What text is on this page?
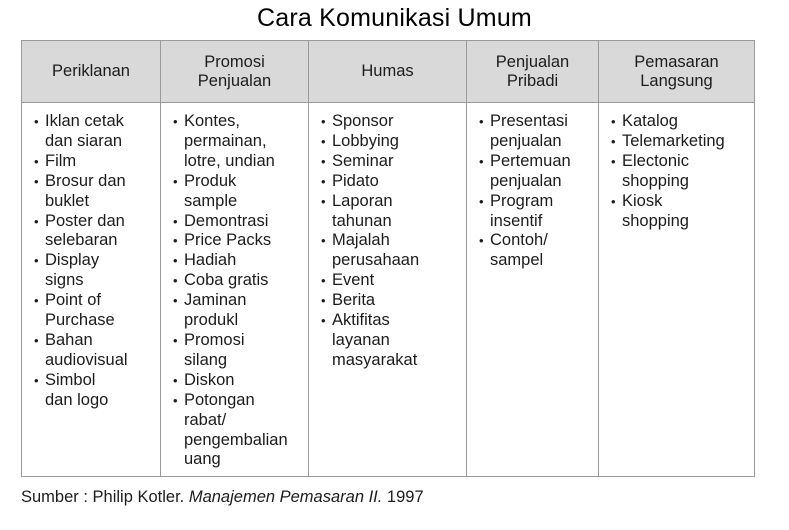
Cara Komunikasi Umum
Periklanan
• Iklan cetak
dan siaran
• Film
• Brosur dan
buklet
• Poster dan
selebaran
• Display
signs
• Point of
Purchase
• Bahan
audiovisual
• Simbol
dan logo
Promosi
Penjualan
• Kontes,
permainan,
lotre, undian
• Produk
sample
• Demontrasi
• Price Packs
• Hadiah
• Coba gratis
• Jaminan
produkl
• Promosi
silang
• Diskon
• Potongan
rabat/
pengembalian
uang
Humas
• Sponsor
• Lobbying
• Seminar
• Pidato
• Laporan
tahunan
• Majalah
perusahaan
• Event
• Berita
• Aktifitas
layanan
masyarakat
Penjualan
Pribadi
• Presentasi
penjualan
• Pertemuan
penjualan
• Program
insentif
• Contoh/
sampel
Pemasaran
Langsung
• Katalog
• Telemarketing
• Electonic
shopping
• Kiosk
shopping
Sumber : Philip Kotler. Manajemen Pemasaran II. 1997
